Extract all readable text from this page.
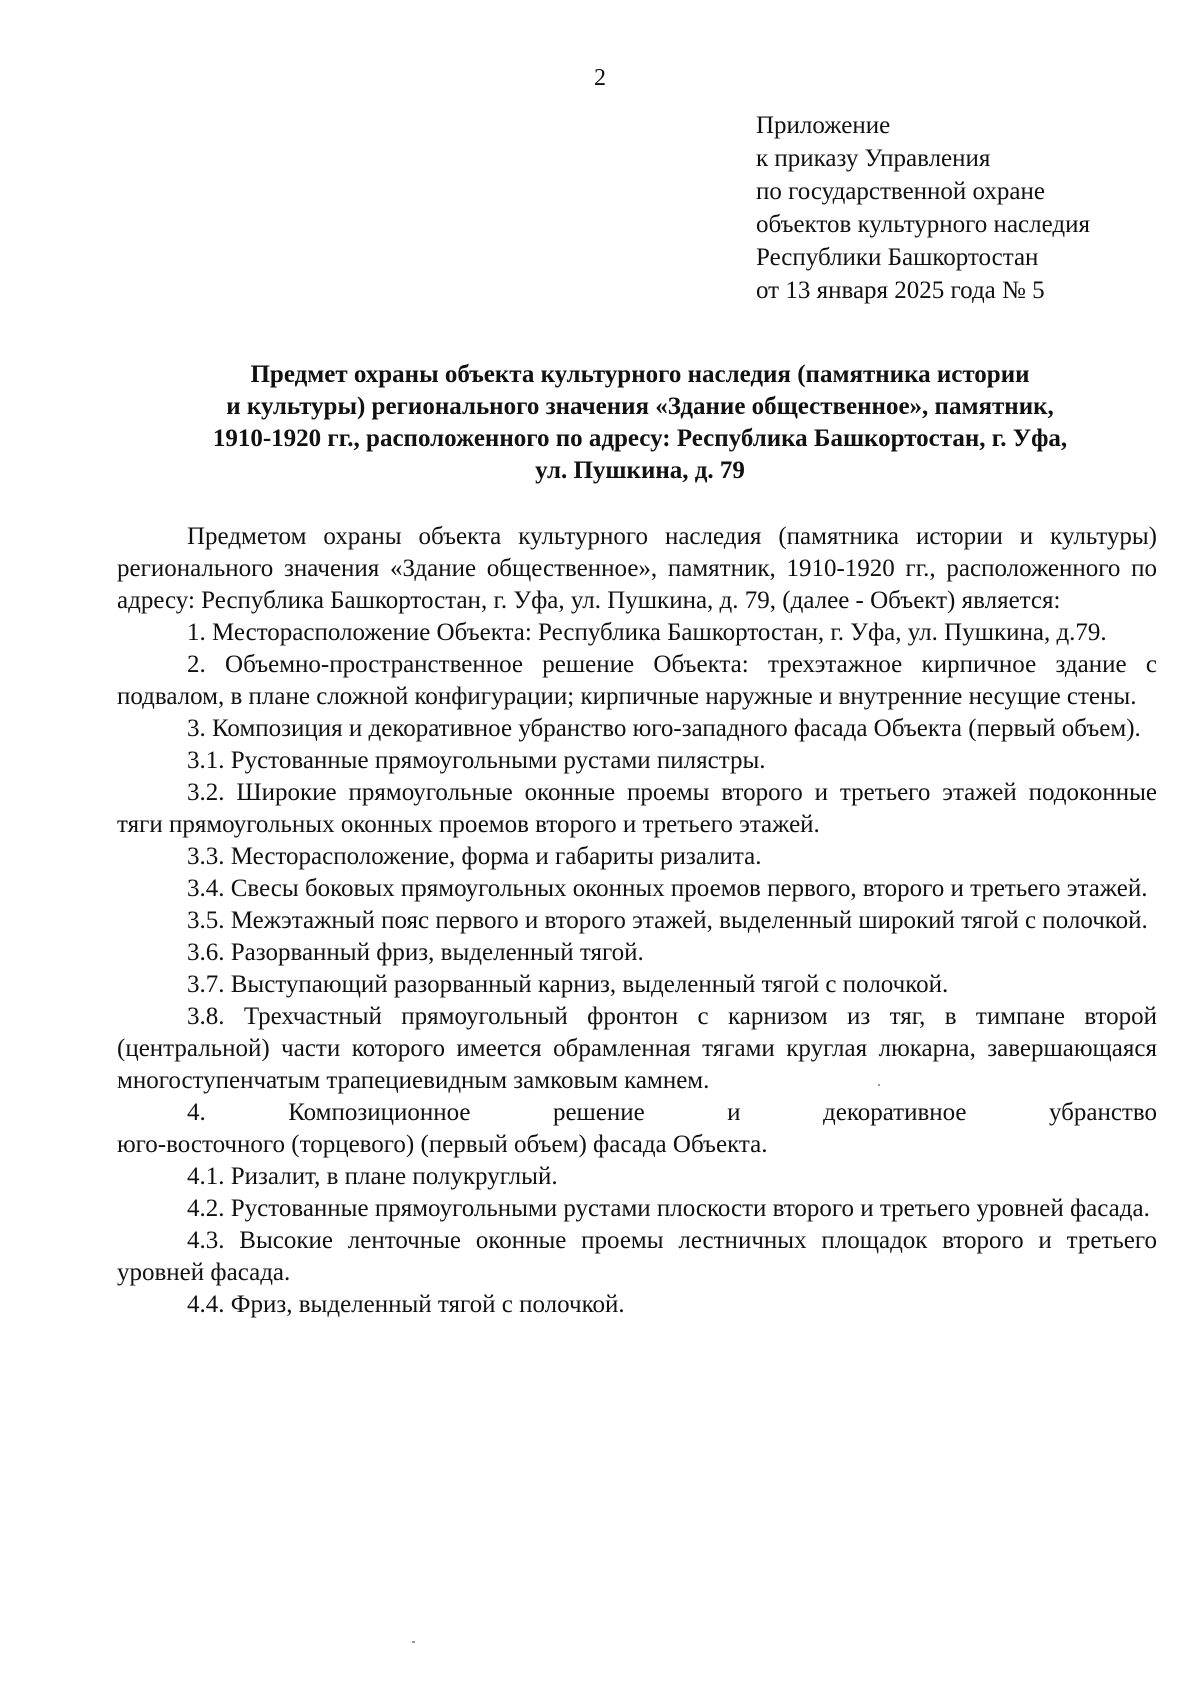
2
Приложение
к приказу Управления
по государственной охране
объектов культурного наследия
Республики Башкортостан
от 13 января 2025 года № 5
Предмет охраны объекта культурного наследия (памятника истории
и культуры) регионального значения «Здание общественное», памятник,
1910-1920 гг., расположенного по адресу: Республика Башкортостан, г. Уфа,
ул. Пушкина, д. 79

Предметом охраны объекта культурного наследия (памятника истории и культуры) регионального значения «Здание общественное», памятник, 1910-1920 гг., расположенного по адресу: Республика Башкортостан, г. Уфа, ул. Пушкина, д. 79, (далее - Объект) является:

1. Месторасположение Объекта: Республика Башкортостан, г. Уфа, ул. Пушкина, д.79.

2. Объемно-пространственное решение Объекта: трехэтажное кирпичное здание с подвалом, в плане сложной конфигурации; кирпичные наружные и внутренние несущие стены.

3. Композиция и декоративное убранство юго-западного фасада Объекта (первый объем).

3.1. Рустованные прямоугольными рустами пилястры.

3.2. Широкие прямоугольные оконные проемы второго и третьего этажей подоконные тяги прямоугольных оконных проемов второго и третьего этажей.

3.3. Месторасположение, форма и габариты ризалита.

3.4. Свесы боковых прямоугольных оконных проемов первого, второго и третьего этажей.

3.5. Межэтажный пояс первого и второго этажей, выделенный широкий тягой с полочкой.

3.6. Разорванный фриз, выделенный тягой.

3.7. Выступающий разорванный карниз, выделенный тягой с полочкой.

3.8. Трехчастный прямоугольный фронтон с карнизом из тяг, в тимпане второй (центральной) части которого имеется обрамленная тягами круглая люкарна, завершающаяся многоступенчатым трапециевидным замковым камнем.

4. Композиционное решение и декоративное убранство

юго-восточного (торцевого) (первый объем) фасада Объекта.

4.1. Ризалит, в плане полукруглый.

4.2. Рустованные прямоугольными рустами плоскости второго и третьего уровней фасада.

4.3. Высокие ленточные оконные проемы лестничных площадок второго и третьего уровней фасада.

4.4. Фриз, выделенный тягой с полочкой.
